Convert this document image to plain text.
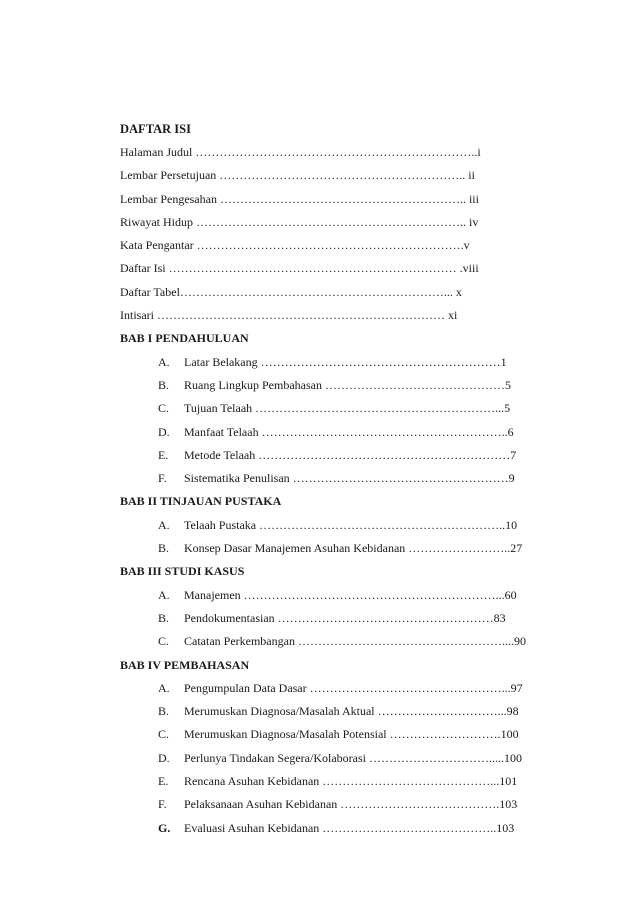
DAFTAR ISI
Halaman Judul ……………………………………………………………..i
Lembar Persetujuan …………………………………………………….. ii
Lembar Pengesahan …………………………………………………….. iii
Riwayat Hidup ………………………………………………………….. iv
Kata Pengantar ………………………………………………………….v
Daftar Isi ……………………………………………………………… .viii
Daftar Tabel…………………………………………………………... x
Intisari ……………………………………………………………… xi
BAB I PENDAHULUAN
A.	Latar Belakang ……………………………………………………1
B.	Ruang Lingkup Pembahasan ………………………………………5
C.	Tujuan Telaah ……………………………………………………...5
D.	Manfaat Telaah ……………………………………………………..6
E.	Metode Telaah ………………………………………………………7
F.	Sistematika Penulisan ………………………………………………9
BAB II TINJAUAN PUSTAKA
A.	Telaah Pustaka ……………………………………………………..10
B.	Konsep Dasar Manajemen Asuhan Kebidanan ……………………..27
BAB III STUDI KASUS
A.	Manajemen ………………………………………………………...60
B.	Pendokumentasian ………………………………………………83
C.	Catatan Perkembangan ……………………………………………....90
BAB IV PEMBAHASAN
A.	Pengumpulan Data Dasar …………………………………………...97
B.	Merumuskan Diagnosa/Masalah Aktual …………………………...98
C.	Merumuskan Diagnosa/Masalah Potensial ……………………….100
D.	Perlunya Tindakan Segera/Kolaborasi ………………………….....100
E.	Rencana Asuhan Kebidanan ……………………………………...101
F.	Pelaksanaan Asuhan Kebidanan ………………………………….103
G.	Evaluasi Asuhan Kebidanan ……………………………………..103
